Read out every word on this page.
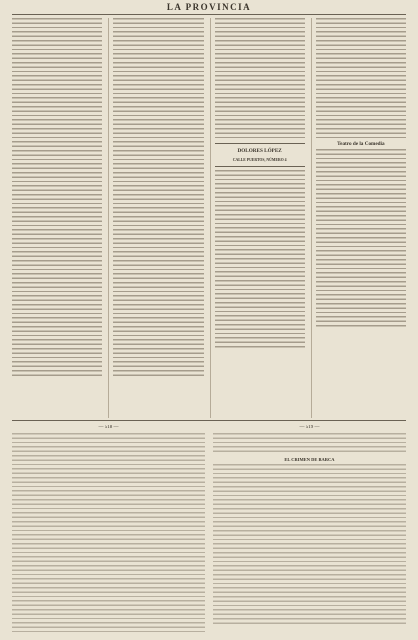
LA PROVINCIA
DOLORES LÓPEZ
CALLE PUERTOS, NÚMERO 4
Teatro de la Comedia
— 518 —	— 519 —
EL CRIMEN DE BARCA
